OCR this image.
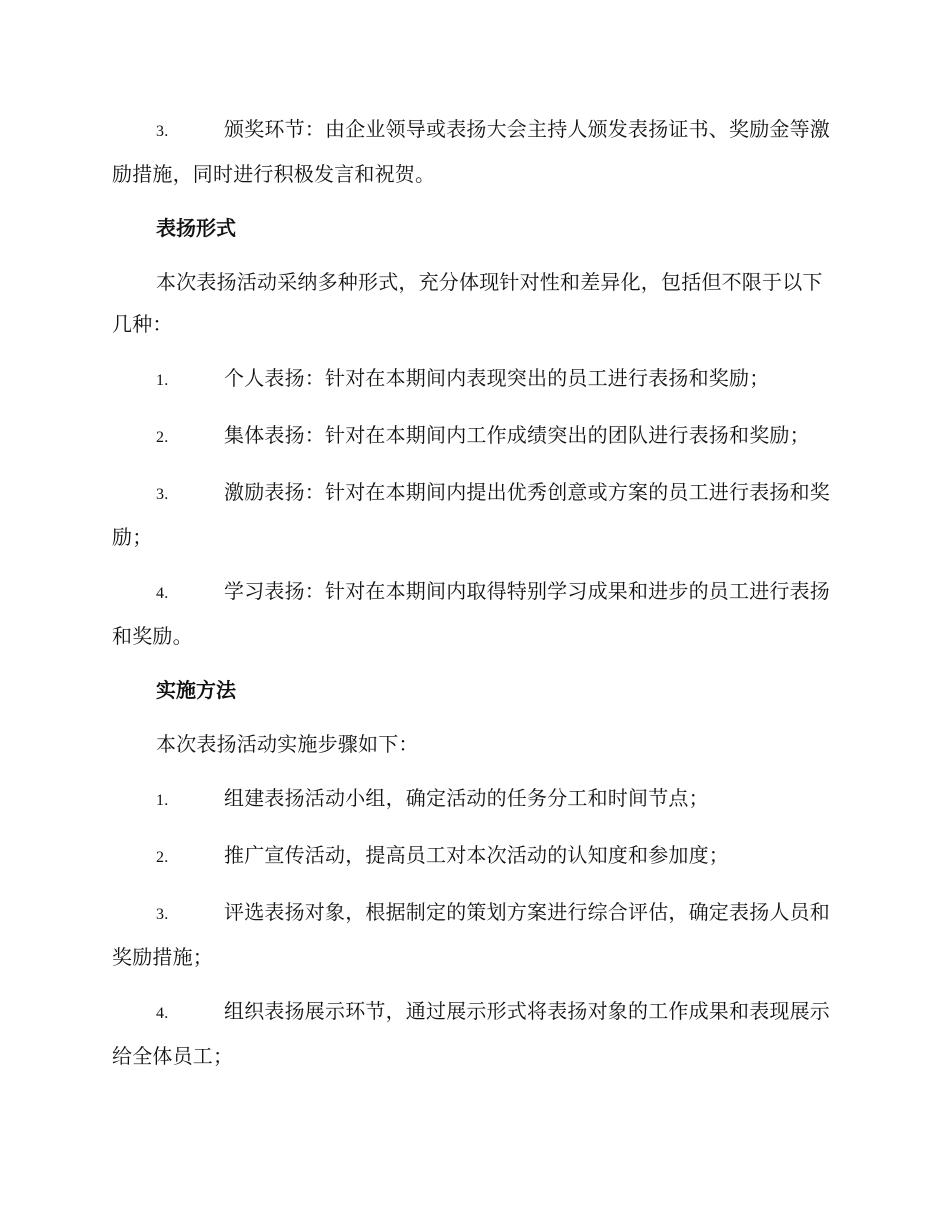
3.	颁奖环节：由企业领导或表扬大会主持人颁发表扬证书、奖励金等激励措施，同时进行积极发言和祝贺。

表扬形式

本次表扬活动采纳多种形式，充分体现针对性和差异化，包括但不限于以下几种：

1.	个人表扬：针对在本期间内表现突出的员工进行表扬和奖励；

2.	集体表扬：针对在本期间内工作成绩突出的团队进行表扬和奖励；

3.	激励表扬：针对在本期间内提出优秀创意或方案的员工进行表扬和奖励；

4.	学习表扬：针对在本期间内取得特别学习成果和进步的员工进行表扬和奖励。

实施方法

本次表扬活动实施步骤如下：

1.	组建表扬活动小组，确定活动的任务分工和时间节点；

2.	推广宣传活动，提高员工对本次活动的认知度和参加度；

3.	评选表扬对象，根据制定的策划方案进行综合评估，确定表扬人员和奖励措施；

4.	组织表扬展示环节，通过展示形式将表扬对象的工作成果和表现展示给全体员工；
